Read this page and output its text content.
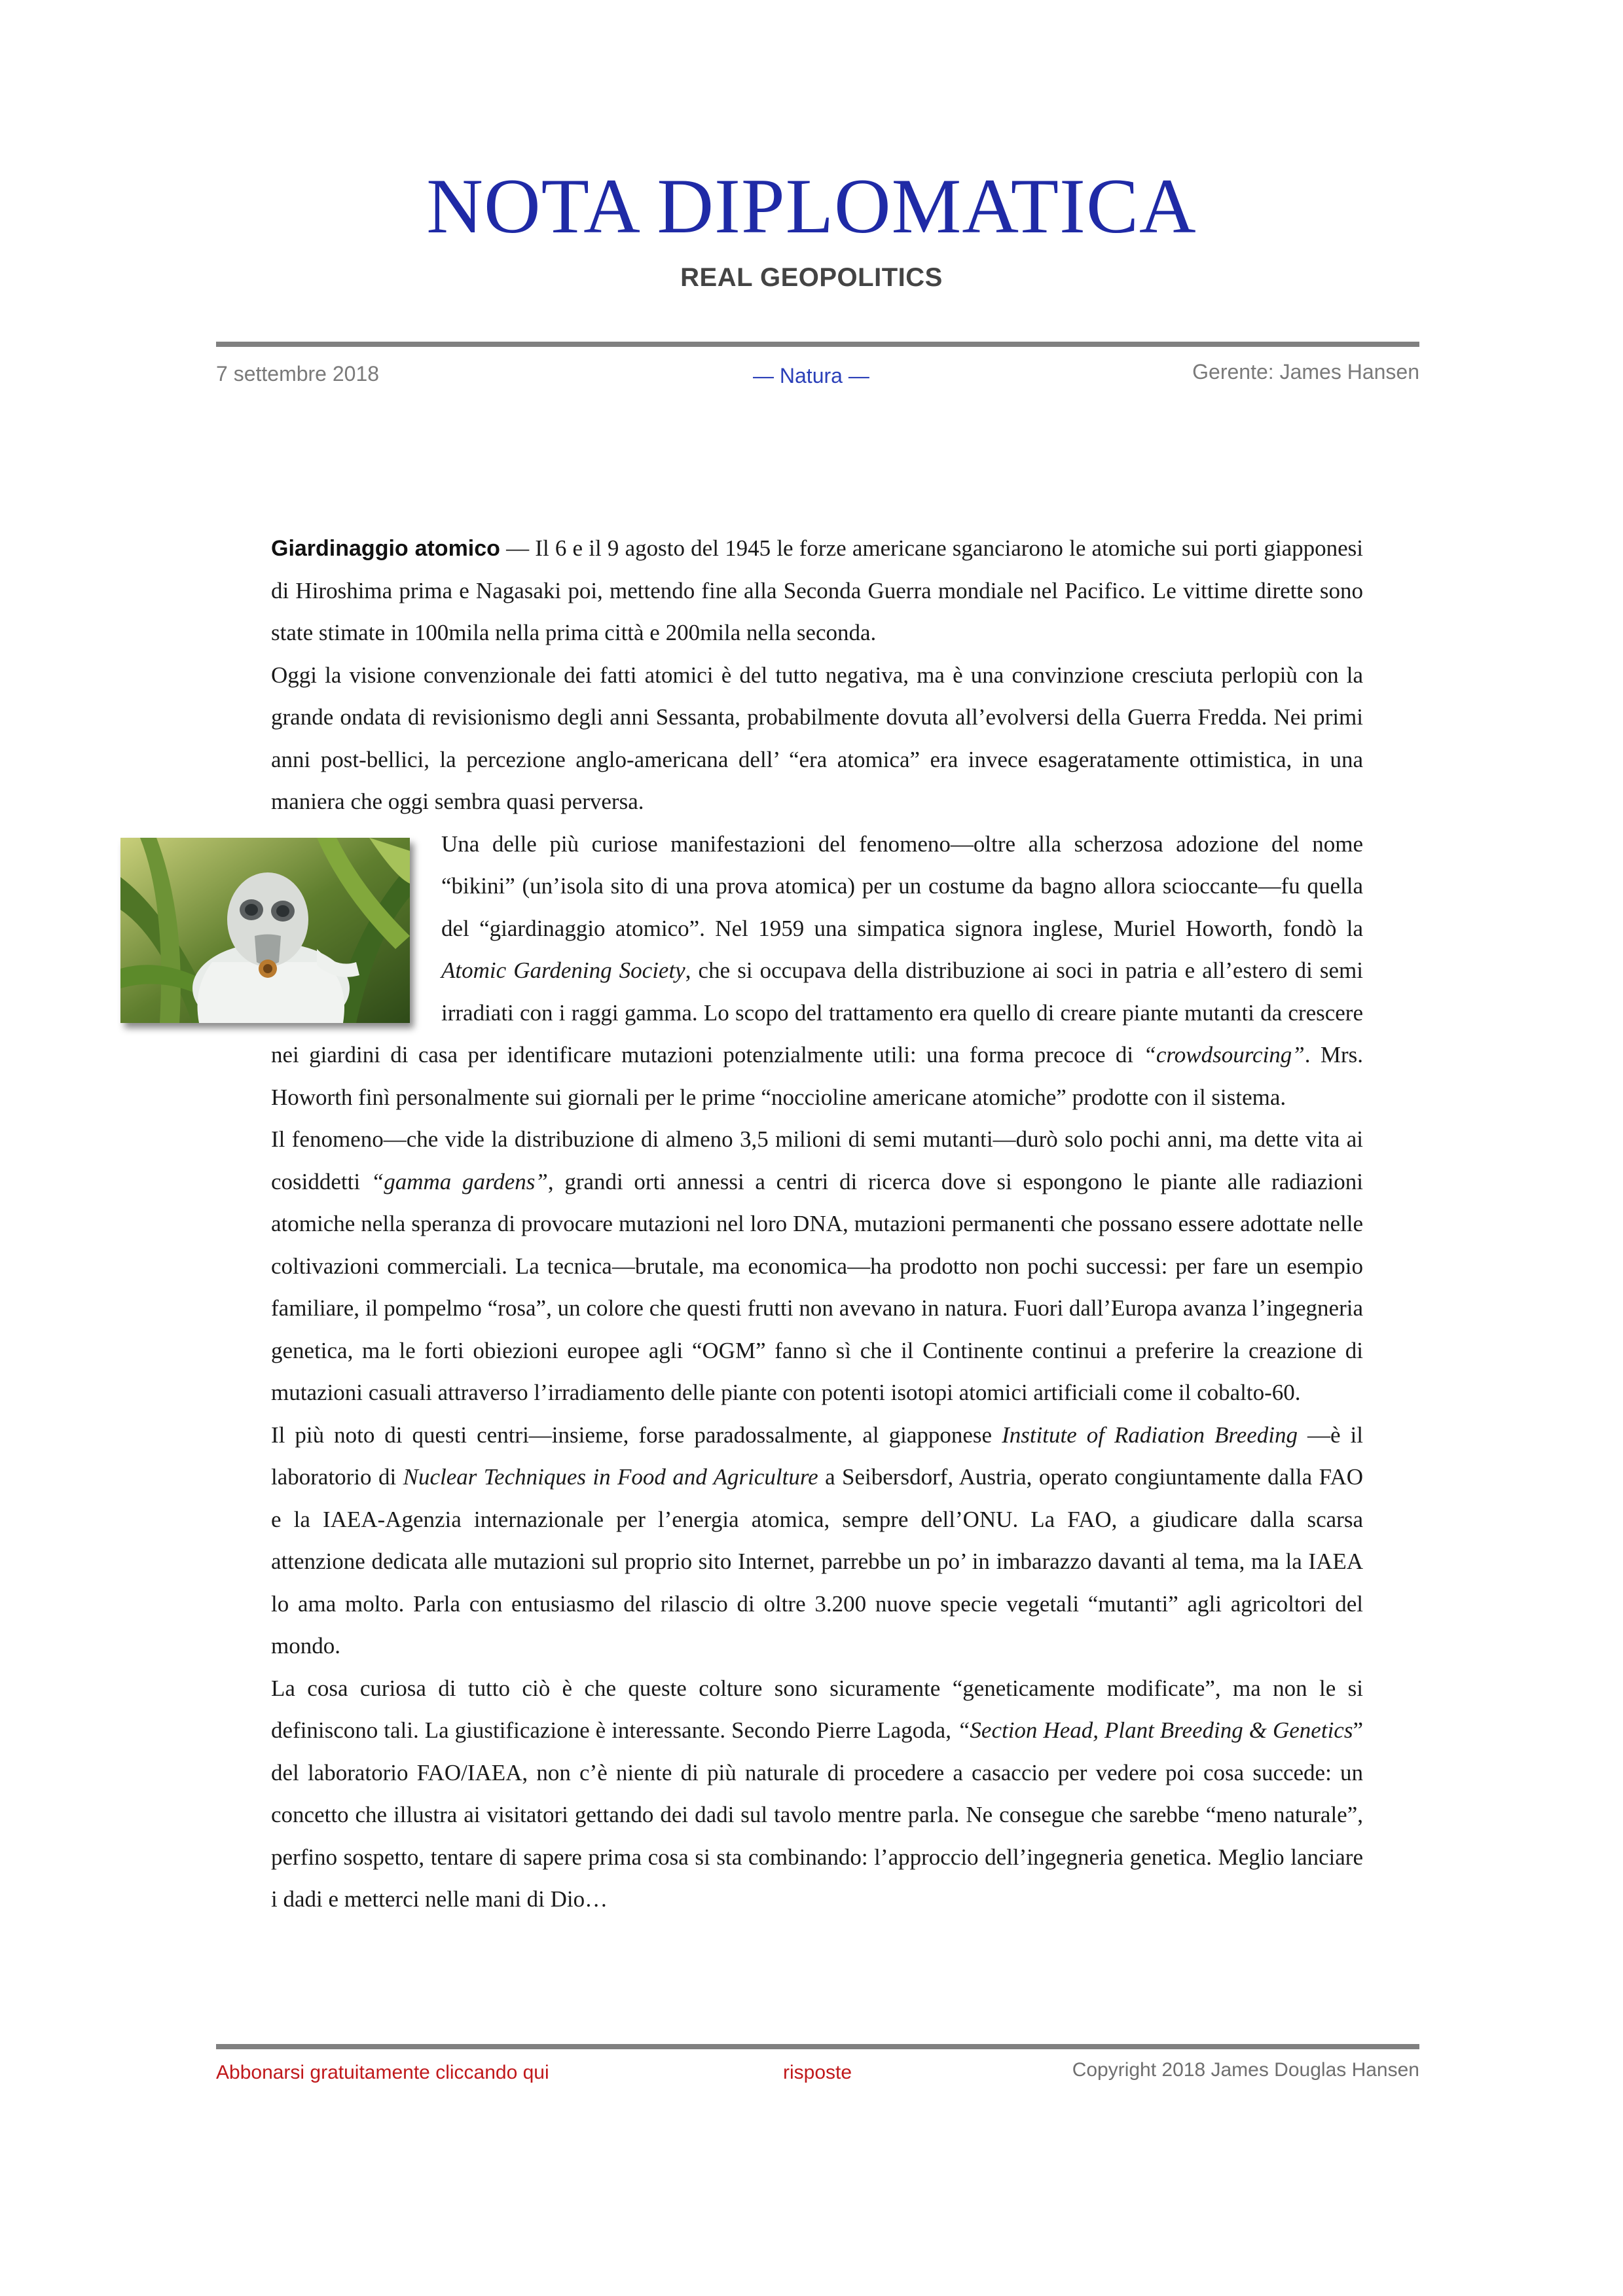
NOTA DIPLOMATICA
REAL GEOPOLITICS
7 settembre 2018	— Natura —	Gerente: James Hansen

Giardinaggio atomico — Il 6 e il 9 agosto del 1945 le forze americane sganciarono le atomiche sui porti giapponesi di Hiroshima prima e Nagasaki poi, mettendo fine alla Seconda Guerra mondiale nel Pacifico. Le vittime dirette sono state stimate in 100mila nella prima città e 200mila nella seconda.

Oggi la visione convenzionale dei fatti atomici è del tutto negativa, ma è una convinzione cresciuta perlopiù con la grande ondata di revisionismo degli anni Sessanta, probabilmente dovuta all’evolversi della Guerra Fredda. Nei primi anni post-bellici, la percezione anglo-americana dell’ “era atomica” era invece esageratamente ottimistica, in una maniera che oggi sembra quasi perversa.

Una delle più curiose manifestazioni del fenomeno—oltre alla scherzosa adozione del nome “bikini” (un’isola sito di una prova atomica) per un costume da bagno allora scioccante—fu quella del “giardinaggio atomico”. Nel 1959 una simpatica signora inglese, Muriel Howorth, fondò la Atomic Gardening Society, che si occupava della distribuzione ai soci in patria e all’estero di semi irradiati con i raggi gamma. Lo scopo del trattamento era quello di creare piante mutanti da crescere nei giardini di casa per identificare mutazioni potenzialmente utili: una forma precoce di “crowdsourcing”. Mrs. Howorth finì personalmente sui giornali per le prime “noccioline americane atomiche” prodotte con il sistema.

Il fenomeno—che vide la distribuzione di almeno 3,5 milioni di semi mutanti—durò solo pochi anni, ma dette vita ai cosiddetti “gamma gardens”, grandi orti annessi a centri di ricerca dove si espongono le piante alle radiazioni atomiche nella speranza di provocare mutazioni nel loro DNA, mutazioni permanenti che possano essere adottate nelle coltivazioni commerciali. La tecnica—brutale, ma economica—ha prodotto non pochi successi: per fare un esempio familiare, il pompelmo “rosa”, un colore che questi frutti non avevano in natura. Fuori dall’Europa avanza l’ingegneria genetica, ma le forti obiezioni europee agli “OGM” fanno sì che il Continente continui a preferire la creazione di mutazioni casuali attraverso l’irradiamento delle piante con potenti isotopi atomici artificiali come il cobalto-60.

Il più noto di questi centri—insieme, forse paradossalmente, al giapponese Institute of Radiation Breeding —è il laboratorio di Nuclear Techniques in Food and Agriculture a Seibersdorf, Austria, operato congiuntamente dalla FAO e la IAEA-Agenzia internazionale per l’energia atomica, sempre dell’ONU. La FAO, a giudicare dalla scarsa attenzione dedicata alle mutazioni sul proprio sito Internet, parrebbe un po’ in imbarazzo davanti al tema, ma la IAEA lo ama molto. Parla con entusiasmo del rilascio di oltre 3.200 nuove specie vegetali “mutanti” agli agricoltori del mondo.

La cosa curiosa di tutto ciò è che queste colture sono sicuramente “geneticamente modificate”, ma non le si definiscono tali. La giustificazione è interessante. Secondo Pierre Lagoda, “Section Head, Plant Breeding & Genetics” del laboratorio FAO/IAEA, non c’è niente di più naturale di procedere a casaccio per vedere poi cosa succede: un concetto che illustra ai visitatori gettando dei dadi sul tavolo mentre parla. Ne consegue che sarebbe “meno naturale”, perfino sospetto, tentare di sapere prima cosa si sta combinando: l’approccio dell’ingegneria genetica. Meglio lanciare i dadi e metterci nelle mani di Dio…

Abbonarsi gratuitamente cliccando qui	risposte	Copyright 2018 James Douglas Hansen
